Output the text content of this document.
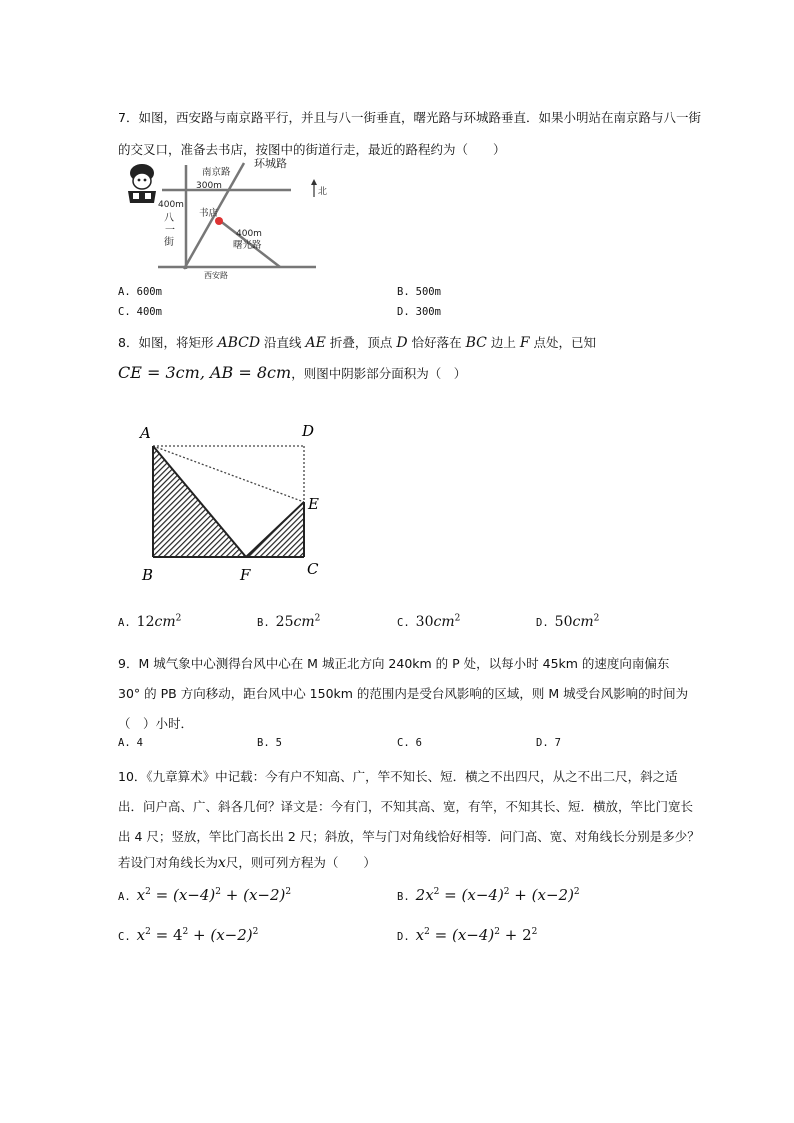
7．如图，西安路与南京路平行，并且与八一街垂直，曙光路与环城路垂直．如果小明站在南京路与八一街
的交叉口，准备去书店，按图中的街道行走，最近的路程约为（　　）
南京路
环城路
300m
北
400m
八
一
街
书店
400m
曙光路
西安路
A. 600m	B. 500m
C. 400m	D. 300m
8．如图，将矩形 ABCD 沿直线 AE 折叠，顶点 D 恰好落在 BC 边上 F 点处，已知
CE = 3cm, AB = 8cm，则图中阴影部分面积为（　）
A	D
E
B	F	C
A. $12cm^2$	B. $25cm^2$	C. $30cm^2$	D. $50cm^2$
9．M 城气象中心测得台风中心在 M 城正北方向 240km 的 P 处，以每小时 45km 的速度向南偏东
30° 的 PB 方向移动，距台风中心 150km 的范围内是受台风影响的区域，则 M 城受台风影响的时间为
（　）小时．
A. 4	B. 5	C. 6	D. 7
10．《九章算术》中记载：今有户不知高、广，竿不知长、短．横之不出四尺，从之不出二尺，斜之适
出．问户高、广、斜各几何？译文是：今有门，不知其高、宽，有竿，不知其长、短．横放，竿比门宽长
出 4 尺；竖放，竿比门高长出 2 尺；斜放，竿与门对角线恰好相等．问门高、宽、对角线长分别是多少？
若设门对角线长为x尺，则可列方程为（　　）
A. $x^2 = (x-4)^2 + (x-2)^2$	B. $2x^2 = (x-4)^2 + (x-2)^2$
C. $x^2 = 4^2 + (x-2)^2$	D. $x^2 = (x-4)^2 + 2^2$
